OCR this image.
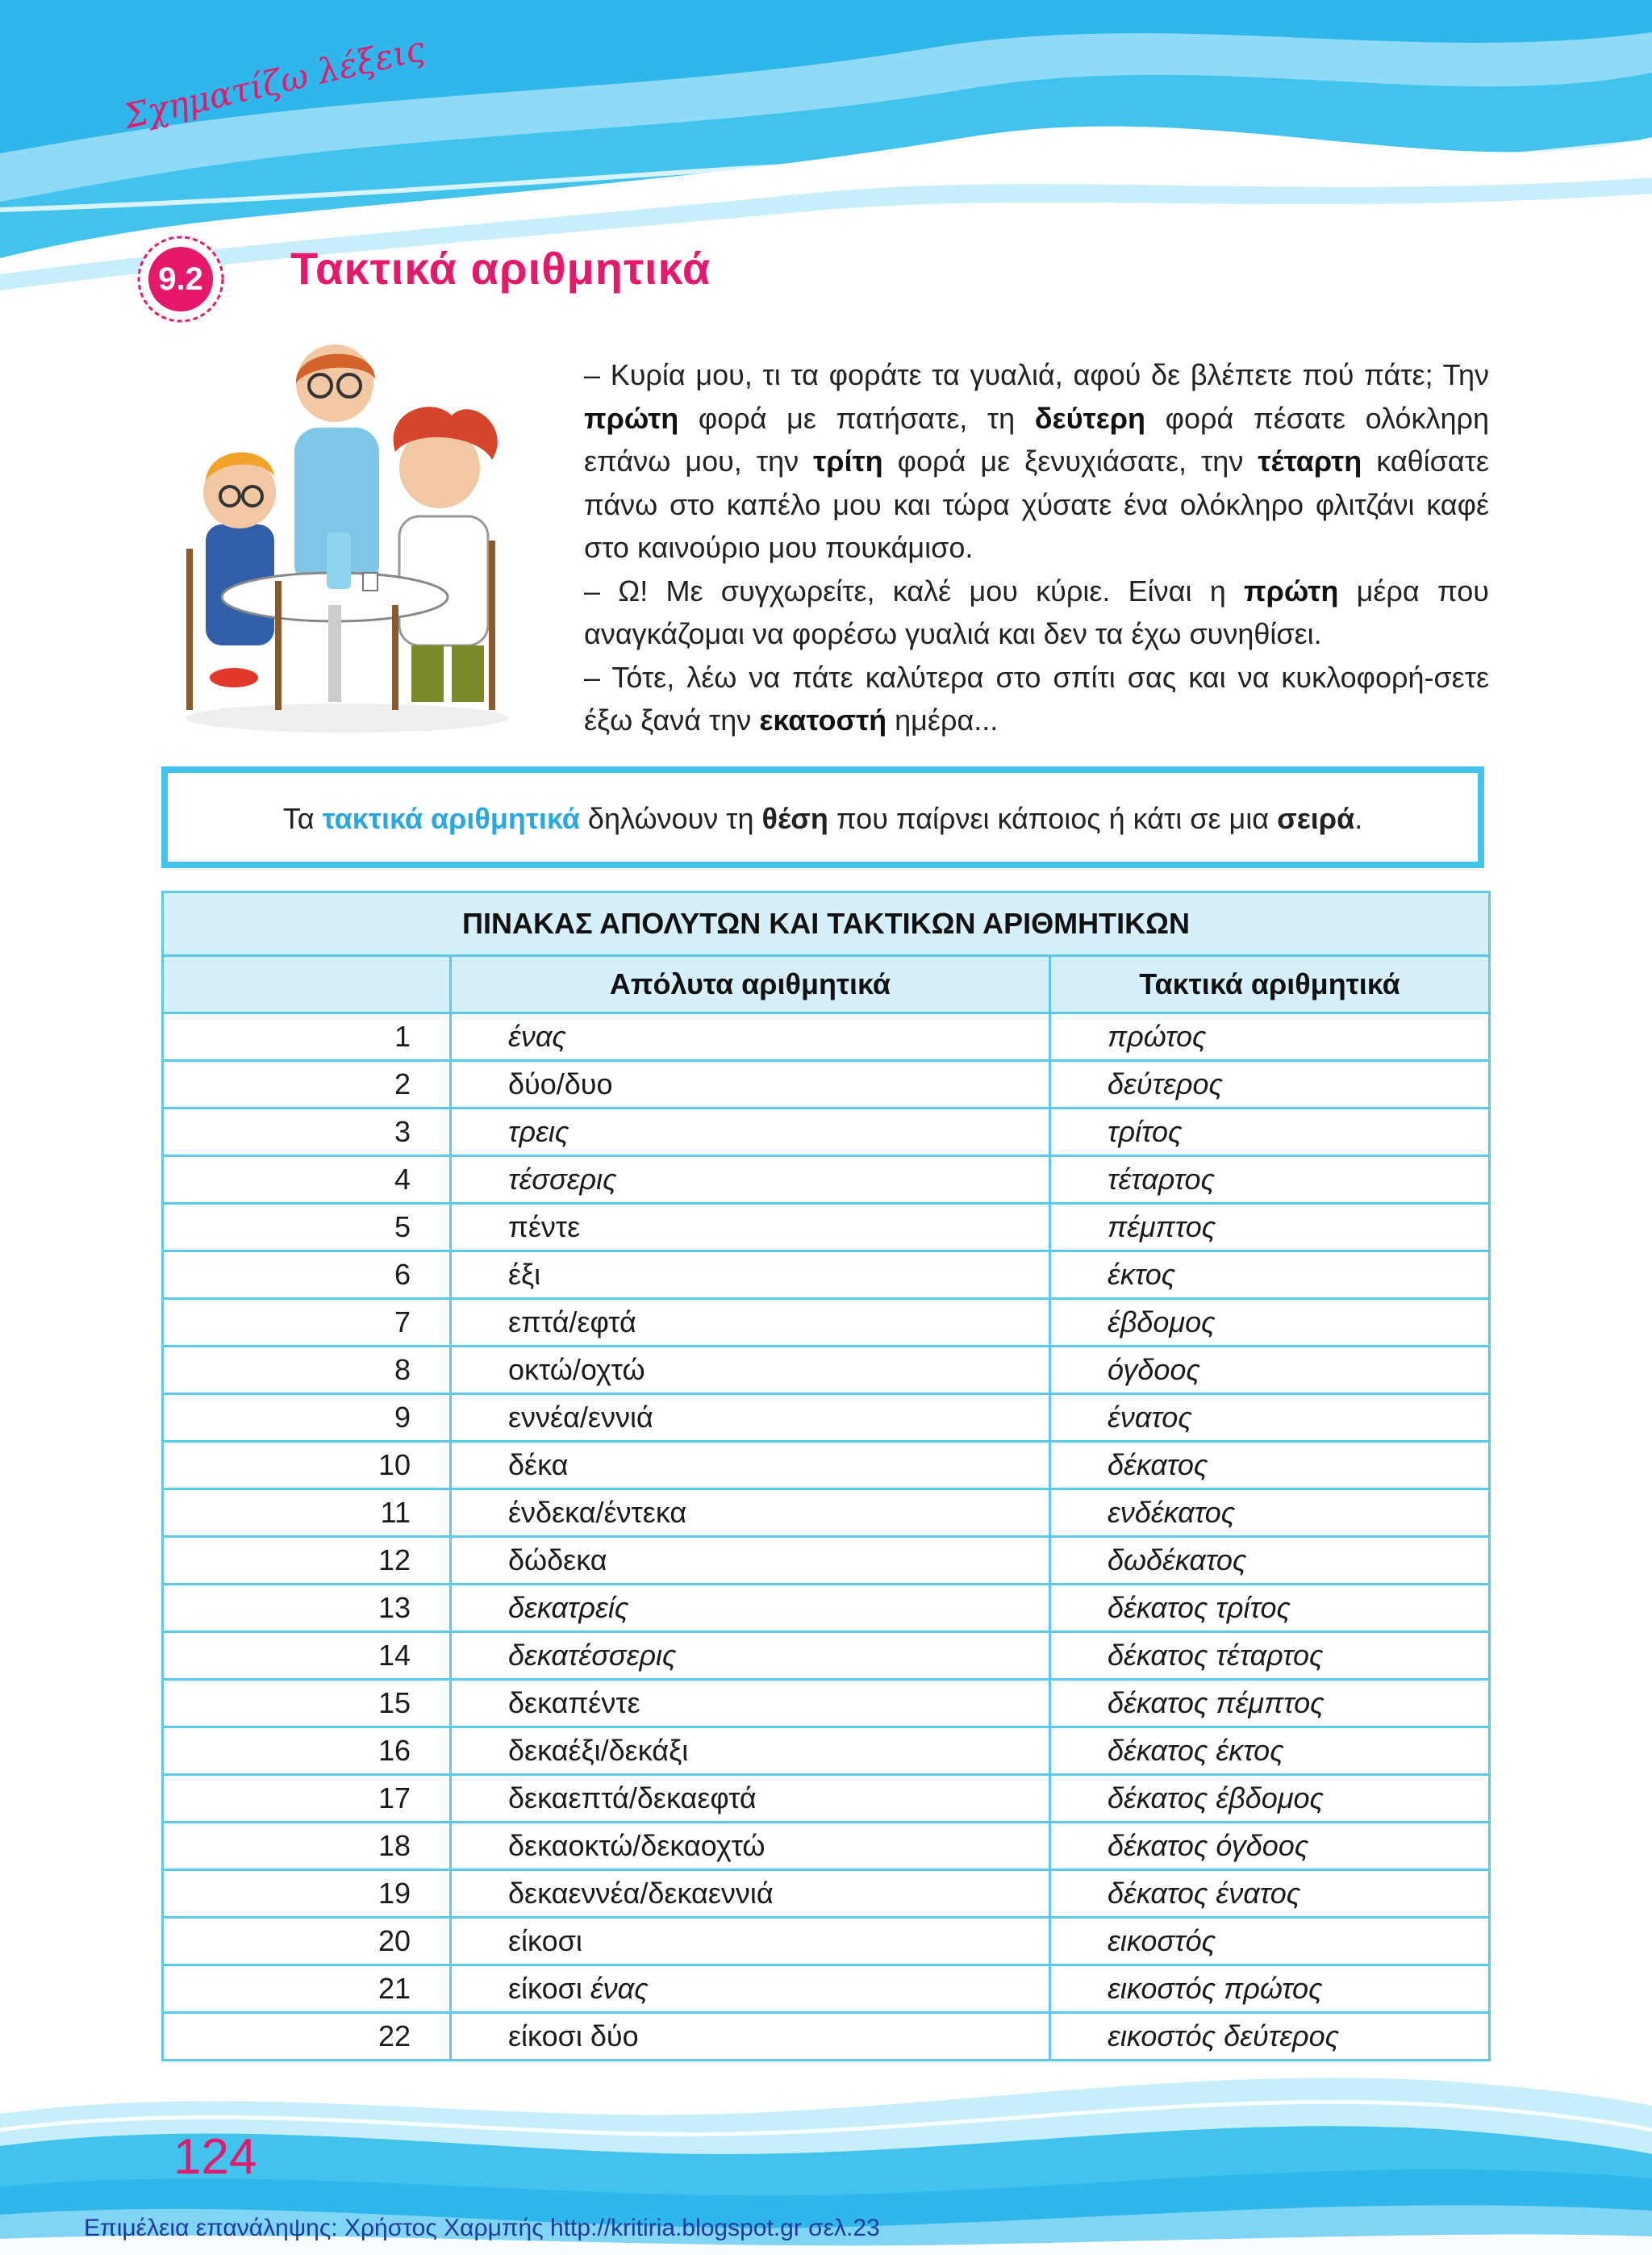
Σχηματίζω λέξεις
9.2	Τακτικά αριθμητικά

– Κυρία μου, τι τα φοράτε τα γυαλιά, αφού δε βλέπετε πού πάτε; Την πρώτη φορά με πατήσατε, τη δεύτερη φορά πέσατε ολόκληρη επάνω μου, την τρίτη φορά με ξενυχιάσατε, την τέταρτη καθίσατε πάνω στο καπέλο μου και τώρα χύσατε ένα ολόκληρο φλιτζάνι καφέ στο καινούριο μου πουκάμισο.

– Ω! Με συγχωρείτε, καλέ μου κύριε. Είναι η πρώτη μέρα που αναγκάζομαι να φορέσω γυαλιά και δεν τα έχω συνηθίσει.

– Τότε, λέω να πάτε καλύτερα στο σπίτι σας και να κυκλοφορή-σετε έξω ξανά την εκατοστή ημέρα...

Τα τακτικά αριθμητικά δηλώνουν τη θέση που παίρνει κάποιος ή κάτι σε μια σειρά.
ΠΙΝΑΚΑΣ ΑΠΟΛΥΤΩΝ ΚΑΙ ΤΑΚΤΙΚΩΝ ΑΡΙΘΜΗΤΙΚΩΝ		
	Απόλυτα αριθμητικά	Τακτικά αριθμητικά
1	ένας	πρώτος
2	δύο/δυο	δεύτερος
3	τρεις	τρίτος
4	τέσσερις	τέταρτος
5	πέντε	πέμπτος
6	έξι	έκτος
7	επτά/εφτά	έβδομος
8	οκτώ/οχτώ	όγδοος
9	εννέα/εννιά	ένατος
10	δέκα	δέκατος
11	ένδεκα/έντεκα	ενδέκατος
12	δώδεκα	δωδέκατος
13	δεκατρείς	δέκατος τρίτος
14	δεκατέσσερις	δέκατος τέταρτος
15	δεκαπέντε	δέκατος πέμπτος
16	δεκαέξι/δεκάξι	δέκατος έκτος
17	δεκαεπτά/δεκαεφτά	δέκατος έβδομος
18	δεκαοκτώ/δεκαοχτώ	δέκατος όγδοος
19	δεκαεννέα/δεκαεννιά	δέκατος ένατος
20	είκοσι	εικοστός
21	είκοσι ένας	εικοστός πρώτος
22	είκοσι δύο	εικοστός δεύτερος
124
Επιμέλεια επανάληψης: Χρήστος Χαρμπής http://kritiria.blogspot.gr σελ.23
